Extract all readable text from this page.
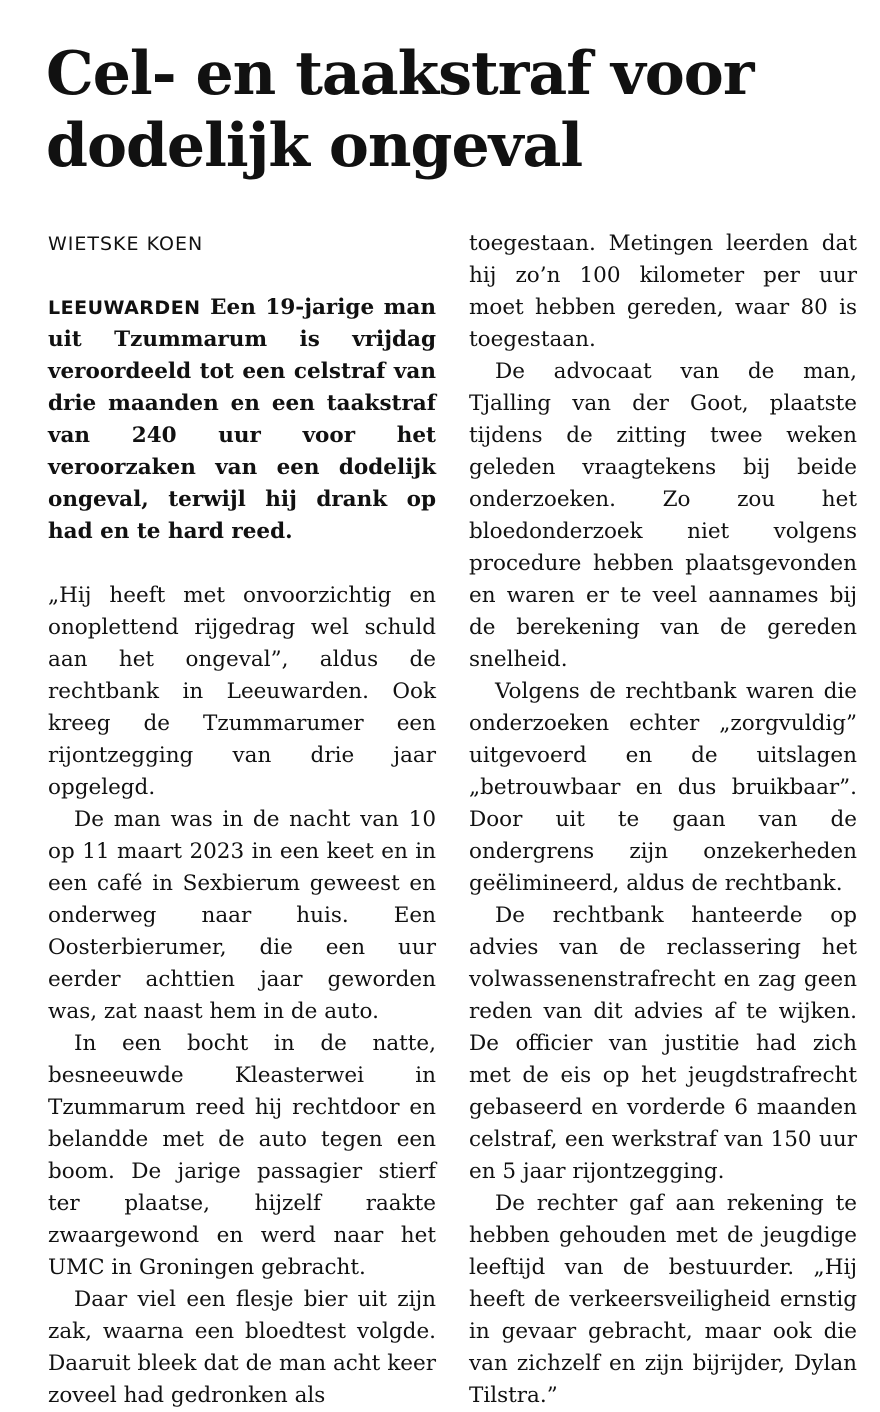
Cel- en taakstraf voor dodelijk ongeval
WIETSKE KOEN

LEEUWARDEN Een 19-jarige man uit Tzummarum is vrijdag veroordeeld tot een celstraf van drie maanden en een taakstraf van 240 uur voor het veroorzaken van een dodelijk ongeval, terwijl hij drank op had en te hard reed.

„Hij heeft met onvoorzichtig en onoplettend rijgedrag wel schuld aan het ongeval”, aldus de rechtbank in Leeuwarden. Ook kreeg de Tzummarumer een rijontzegging van drie jaar opgelegd.

De man was in de nacht van 10 op 11 maart 2023 in een keet en in een café in Sexbierum geweest en onderweg naar huis. Een Oosterbierumer, die een uur eerder achttien jaar geworden was, zat naast hem in de auto.

In een bocht in de natte, besneeuwde Kleasterwei in Tzummarum reed hij rechtdoor en belandde met de auto tegen een boom. De jarige passagier stierf ter plaatse, hijzelf raakte zwaargewond en werd naar het UMC in Groningen gebracht.

Daar viel een flesje bier uit zijn zak, waarna een bloedtest volgde. Daaruit bleek dat de man acht keer zoveel had gedronken als

toegestaan. Metingen leerden dat hij zo’n 100 kilometer per uur moet hebben gereden, waar 80 is toegestaan.

De advocaat van de man, Tjalling van der Goot, plaatste tijdens de zitting twee weken geleden vraagtekens bij beide onderzoeken. Zo zou het bloedonderzoek niet volgens procedure hebben plaatsgevonden en waren er te veel aannames bij de berekening van de gereden snelheid.

Volgens de rechtbank waren die onderzoeken echter „zorgvuldig” uitgevoerd en de uitslagen „betrouwbaar en dus bruikbaar”. Door uit te gaan van de ondergrens zijn onzekerheden geëlimineerd, aldus de rechtbank.

De rechtbank hanteerde op advies van de reclassering het volwassenenstrafrecht en zag geen reden van dit advies af te wijken. De officier van justitie had zich met de eis op het jeugdstrafrecht gebaseerd en vorderde 6 maanden celstraf, een werkstraf van 150 uur en 5 jaar rijontzegging.

De rechter gaf aan rekening te hebben gehouden met de jeugdige leeftijd van de bestuurder. „Hij heeft de verkeersveiligheid ernstig in gevaar gebracht, maar ook die van zichzelf en zijn bijrijder, Dylan Tilstra.”
